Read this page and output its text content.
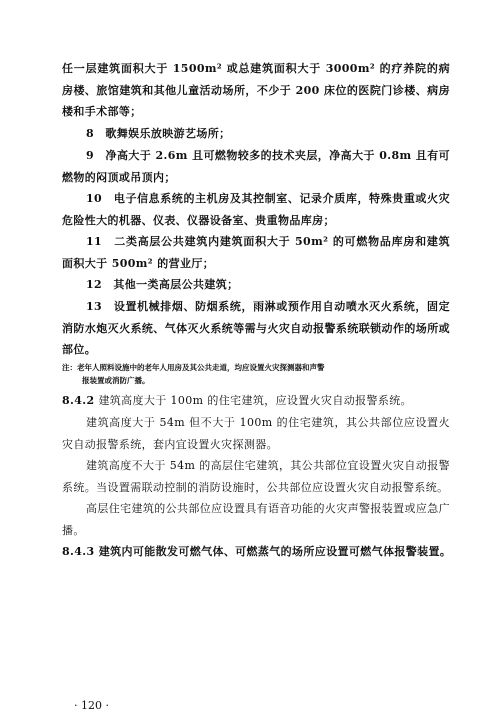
任一层建筑面积大于 1500m² 或总建筑面积大于 3000m² 的疗养院的病房楼、旅馆建筑和其他儿童活动场所，不少于 200 床位的医院门诊楼、病房楼和手术部等；

8　歌舞娱乐放映游艺场所；

9　净高大于 2.6m 且可燃物较多的技术夹层，净高大于 0.8m 且有可燃物的闷顶或吊顶内；

10　电子信息系统的主机房及其控制室、记录介质库，特殊贵重或火灾危险性大的机器、仪表、仪器设备室、贵重物品库房；

11　二类高层公共建筑内建筑面积大于 50m² 的可燃物品库房和建筑面积大于 500m² 的营业厅；

12　其他一类高层公共建筑；

13　设置机械排烟、防烟系统，雨淋或预作用自动喷水灭火系统，固定消防水炮灭火系统、气体灭火系统等需与火灾自动报警系统联锁动作的场所或部位。

注：老年人照料设施中的老年人用房及其公共走道，均应设置火灾探测器和声警
报装置或消防广播。

8.4.2 建筑高度大于 100m 的住宅建筑，应设置火灾自动报警系统。

建筑高度大于 54m 但不大于 100m 的住宅建筑，其公共部位应设置火灾自动报警系统，套内宜设置火灾探测器。

建筑高度不大于 54m 的高层住宅建筑，其公共部位宜设置火灾自动报警系统。当设置需联动控制的消防设施时，公共部位应设置火灾自动报警系统。

· 120 ·

高层住宅建筑的公共部位应设置具有语音功能的火灾声警报装置或应急广播。

8.4.3 建筑内可能散发可燃气体、可燃蒸气的场所应设置可燃气体报警装置。
